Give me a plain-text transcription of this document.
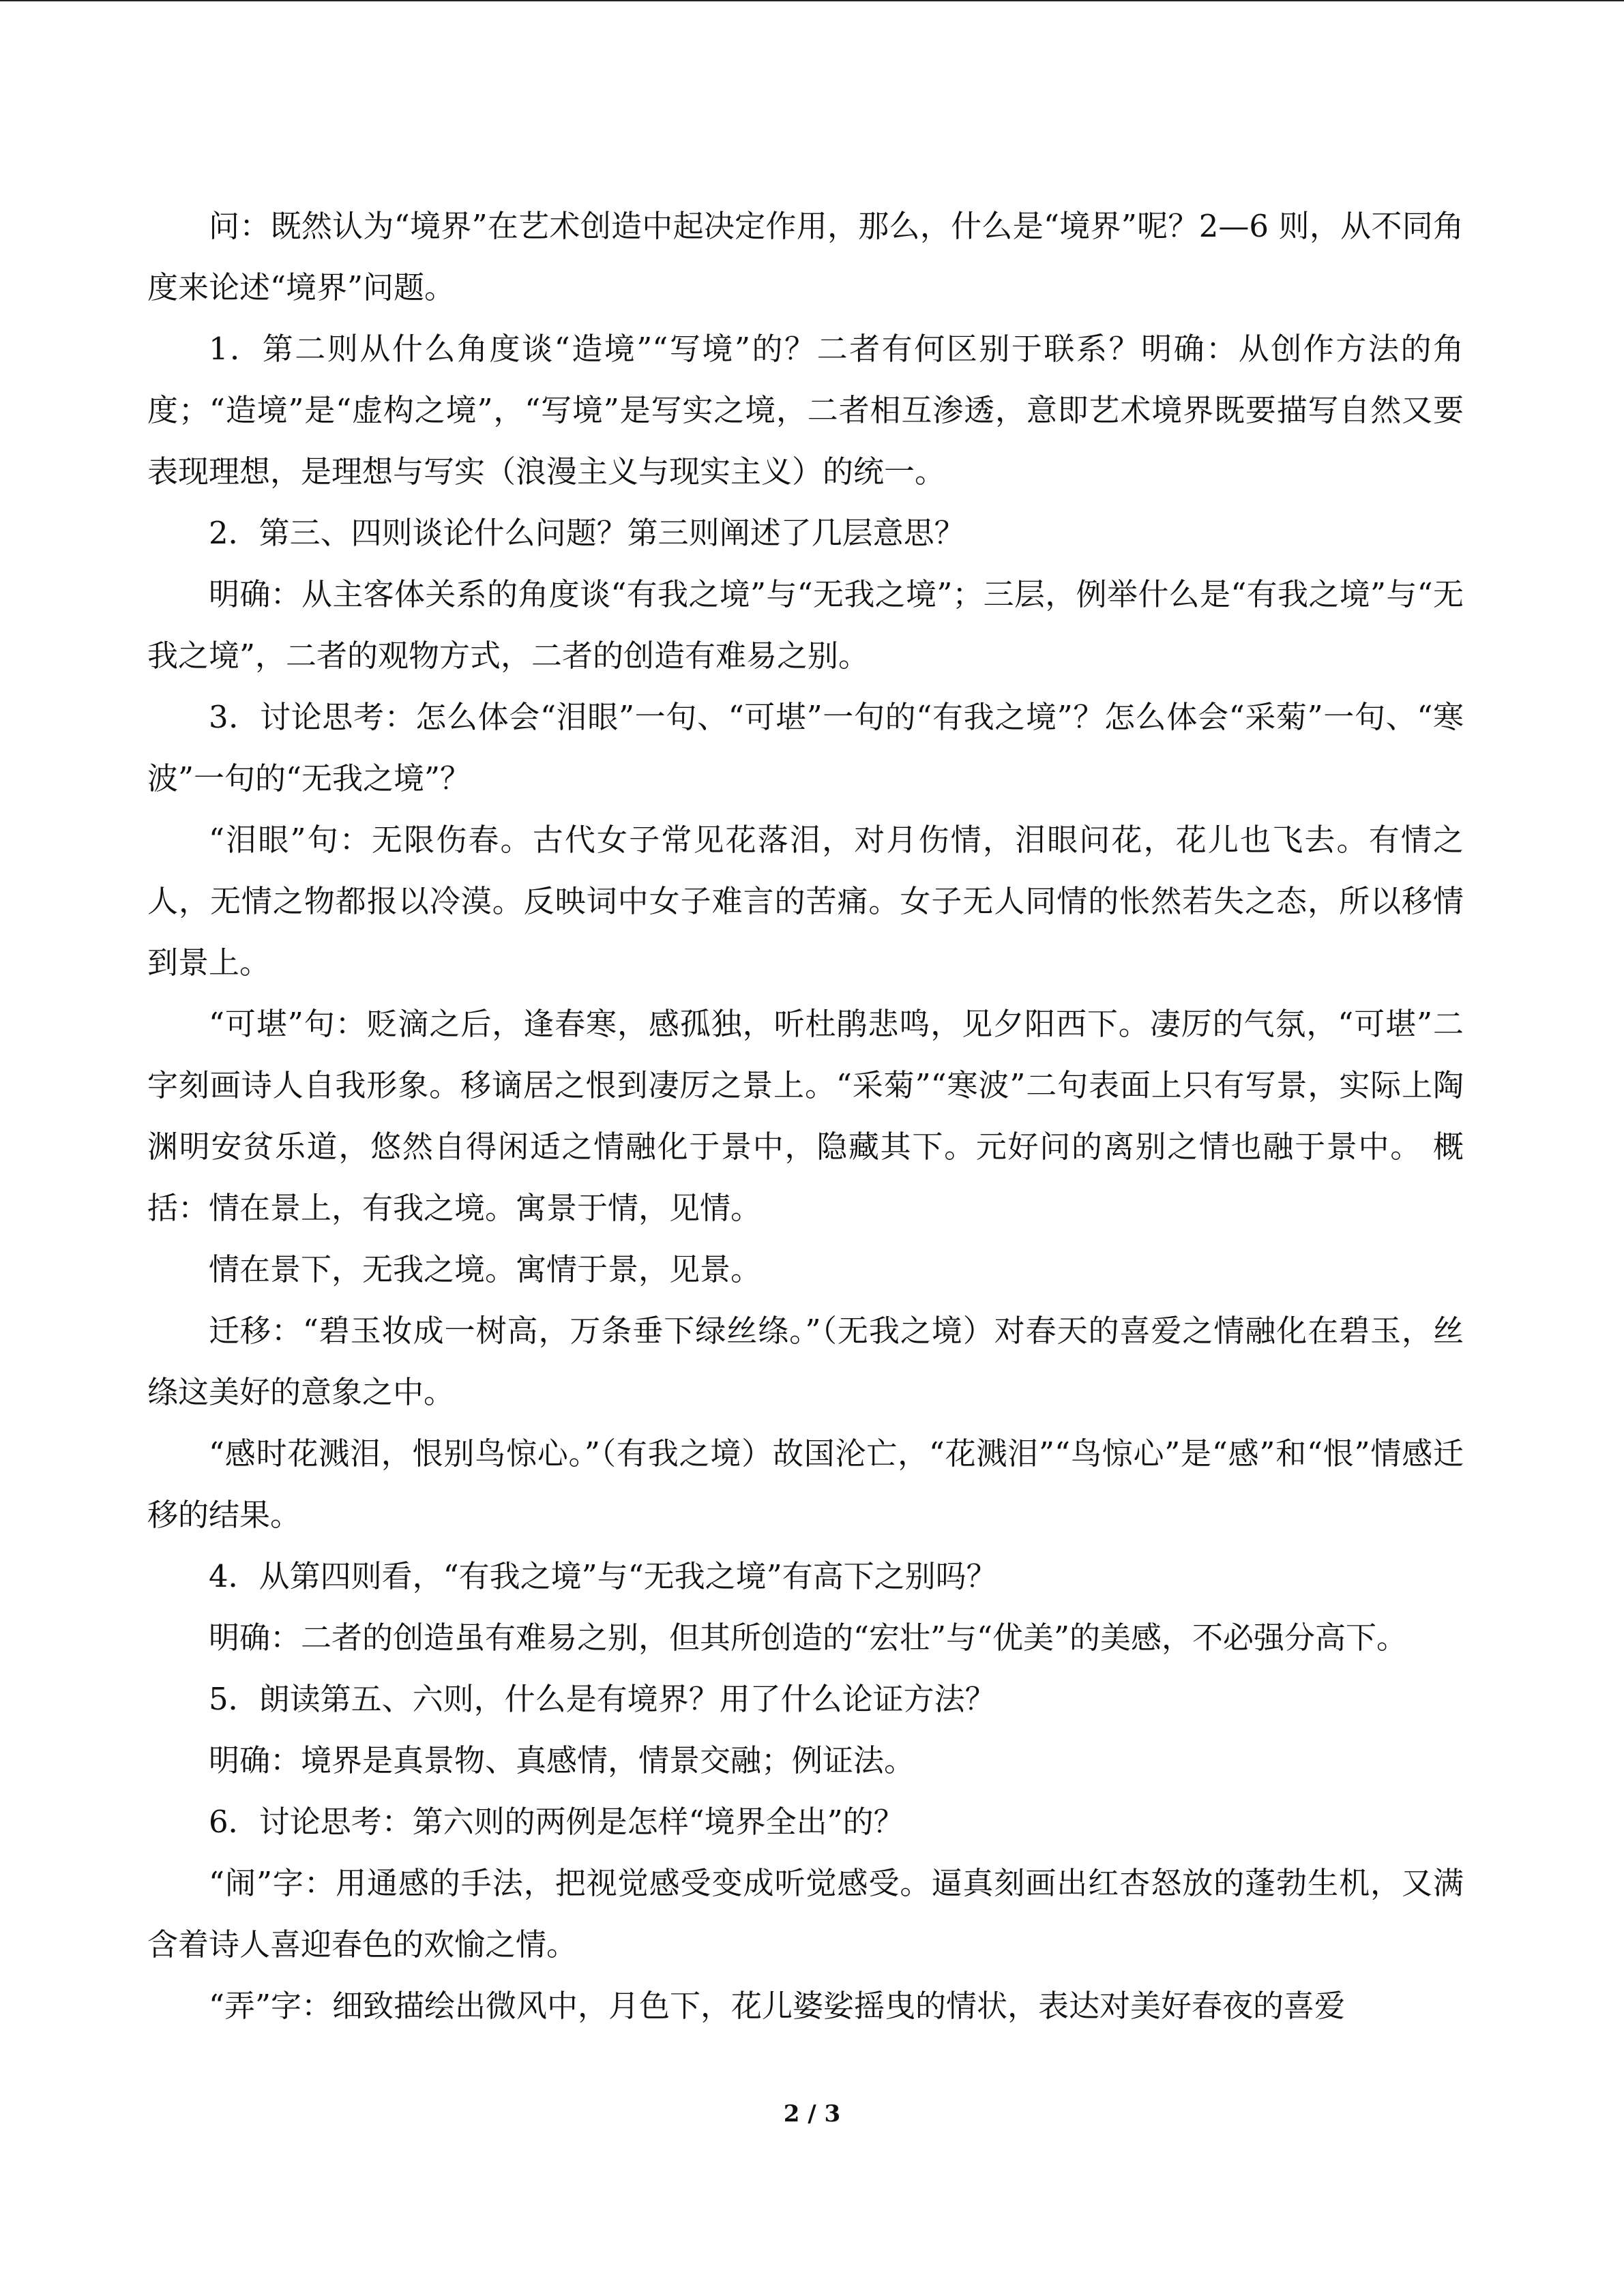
问：既然认为“境界”在艺术创造中起决定作用，那么，什么是“境界”呢？2—6 则，从不同角度来论述“境界”问题。

1．第二则从什么角度谈“造境”“写境”的？二者有何区别于联系？明确：从创作方法的角度；“造境”是“虚构之境”，“写境”是写实之境，二者相互渗透，意即艺术境界既要描写自然又要表现理想，是理想与写实（浪漫主义与现实主义）的统一。

2．第三、四则谈论什么问题？第三则阐述了几层意思？

明确：从主客体关系的角度谈“有我之境”与“无我之境”；三层，例举什么是“有我之境”与“无我之境”，二者的观物方式，二者的创造有难易之别。

3．讨论思考：怎么体会“泪眼”一句、“可堪”一句的“有我之境”？怎么体会“采菊”一句、“寒波”一句的“无我之境”？

“泪眼”句：无限伤春。古代女子常见花落泪，对月伤情，泪眼问花，花儿也飞去。有情之人，无情之物都报以冷漠。反映词中女子难言的苦痛。女子无人同情的怅然若失之态，所以移情到景上。

“可堪”句：贬滴之后，逢春寒，感孤独，听杜鹃悲鸣，见夕阳西下。凄厉的气氛，“可堪”二字刻画诗人自我形象。移谪居之恨到凄厉之景上。“采菊”“寒波”二句表面上只有写景，实际上陶渊明安贫乐道，悠然自得闲适之情融化于景中，隐藏其下。元好问的离别之情也融于景中。 概括：情在景上，有我之境。寓景于情，见情。

情在景下，无我之境。寓情于景，见景。

迁移：“碧玉妆成一树高，万条垂下绿丝绦。”（无我之境）对春天的喜爱之情融化在碧玉，丝绦这美好的意象之中。

“感时花溅泪，恨别鸟惊心。”（有我之境）故国沦亡，“花溅泪”“鸟惊心”是“感”和“恨”情感迁移的结果。

4．从第四则看，“有我之境”与“无我之境”有高下之别吗？

明确：二者的创造虽有难易之别，但其所创造的“宏壮”与“优美”的美感，不必强分高下。

5．朗读第五、六则，什么是有境界？用了什么论证方法？

明确：境界是真景物、真感情，情景交融；例证法。

6．讨论思考：第六则的两例是怎样“境界全出”的？

“闹”字：用通感的手法，把视觉感受变成听觉感受。逼真刻画出红杏怒放的蓬勃生机，又满含着诗人喜迎春色的欢愉之情。

“弄”字：细致描绘出微风中，月色下，花儿婆娑摇曳的情状，表达对美好春夜的喜爱

2 / 3
